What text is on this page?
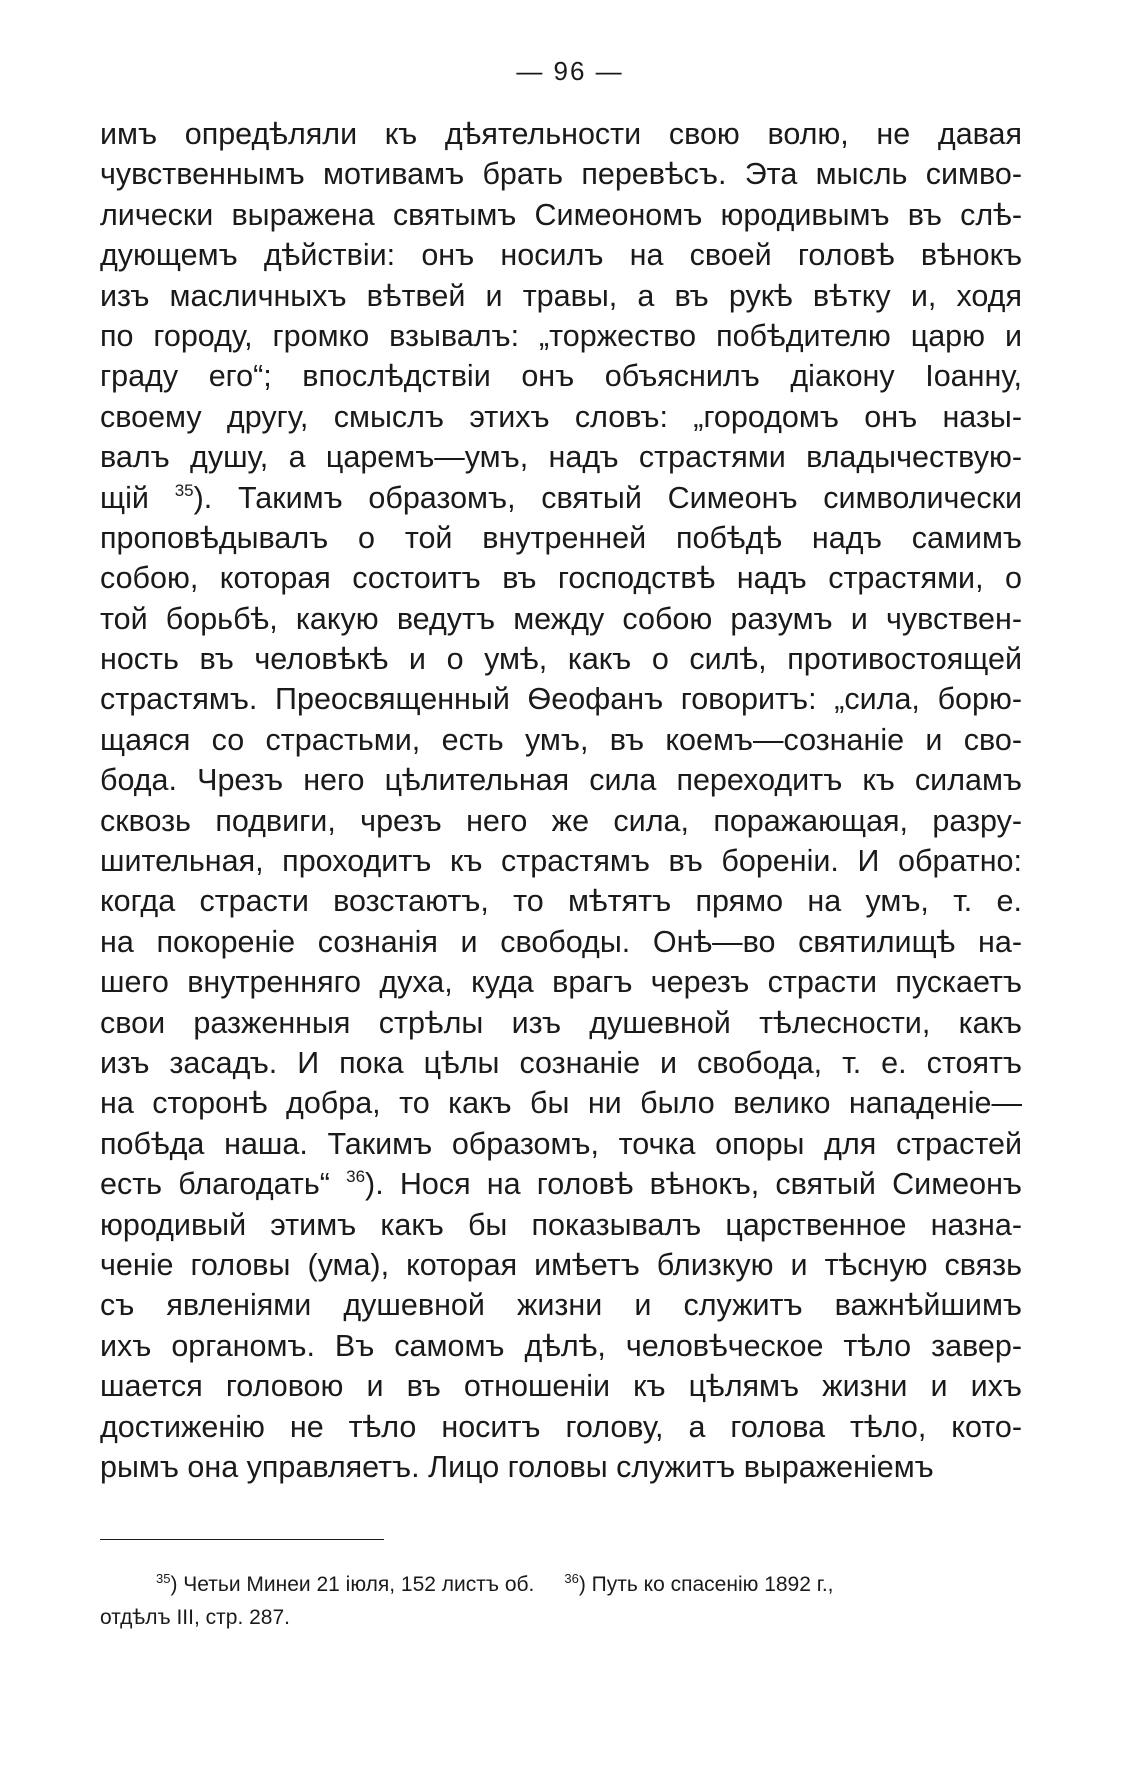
— 96 —
имъ опредѣляли къ дѣятельности свою волю, не давая
чувственнымъ мотивамъ брать перевѣсъ. Эта мысль симво-
лически выражена святымъ Симеономъ юродивымъ въ слѣ-
дующемъ дѣйствіи: онъ носилъ на своей головѣ вѣнокъ
изъ масличныхъ вѣтвей и травы, а въ рукѣ вѣтку и, ходя
по городу, громко взывалъ: „торжество побѣдителю царю и
граду его“; впослѣдствіи онъ объяснилъ діакону Іоанну,
своему другу, смыслъ этихъ словъ: „городомъ онъ назы-
валъ душу, а царемъ—умъ, надъ страстями владычествую-
щій $^{35}$). Такимъ образомъ, святый Симеонъ символически
проповѣдывалъ о той внутренней побѣдѣ надъ самимъ
собою, которая состоитъ въ господствѣ надъ страстями, о
той борьбѣ, какую ведутъ между собою разумъ и чувствен-
ность въ человѣкѣ и о умѣ, какъ о силѣ, противостоящей
страстямъ. Преосвященный Ѳеофанъ говоритъ: „сила, борю-
щаяся со страстьми, есть умъ, въ коемъ—сознаніе и сво-
бода. Чрезъ него цѣлительная сила переходитъ къ силамъ
сквозь подвиги, чрезъ него же сила, поражающая, разру-
шительная, проходитъ къ страстямъ въ бореніи. И обратно:
когда страсти возстаютъ, то мѣтятъ прямо на умъ, т. е.
на покореніе сознанія и свободы. Онѣ—во святилищѣ на-
шего внутренняго духа, куда врагъ черезъ страсти пускаетъ
свои разженныя стрѣлы изъ душевной тѣлесности, какъ
изъ засадъ. И пока цѣлы сознаніе и свобода, т. е. стоятъ
на сторонѣ добра, то какъ бы ни было велико нападеніе—
побѣда наша. Такимъ образомъ, точка опоры для страстей
есть благодать“ $^{36}$). Нося на головѣ вѣнокъ, святый Симеонъ
юродивый этимъ какъ бы показывалъ царственное назна-
ченіе головы (ума), которая имѣетъ близкую и тѣсную связь
съ явленіями душевной жизни и служитъ важнѣйшимъ
ихъ органомъ. Въ самомъ дѣлѣ, человѣческое тѣло завер-
шается головою и въ отношеніи къ цѣлямъ жизни и ихъ
достиженію не тѣло носитъ голову, а голова тѣло, кото-
рымъ она управляетъ. Лицо головы служитъ выраженіемъ
$^{35}$) Четьи Минеи 21 іюля, 152 листъ об. $^{36}$) Путь ко спасенію 1892 г.,
отдѣлъ III, стр. 287.
